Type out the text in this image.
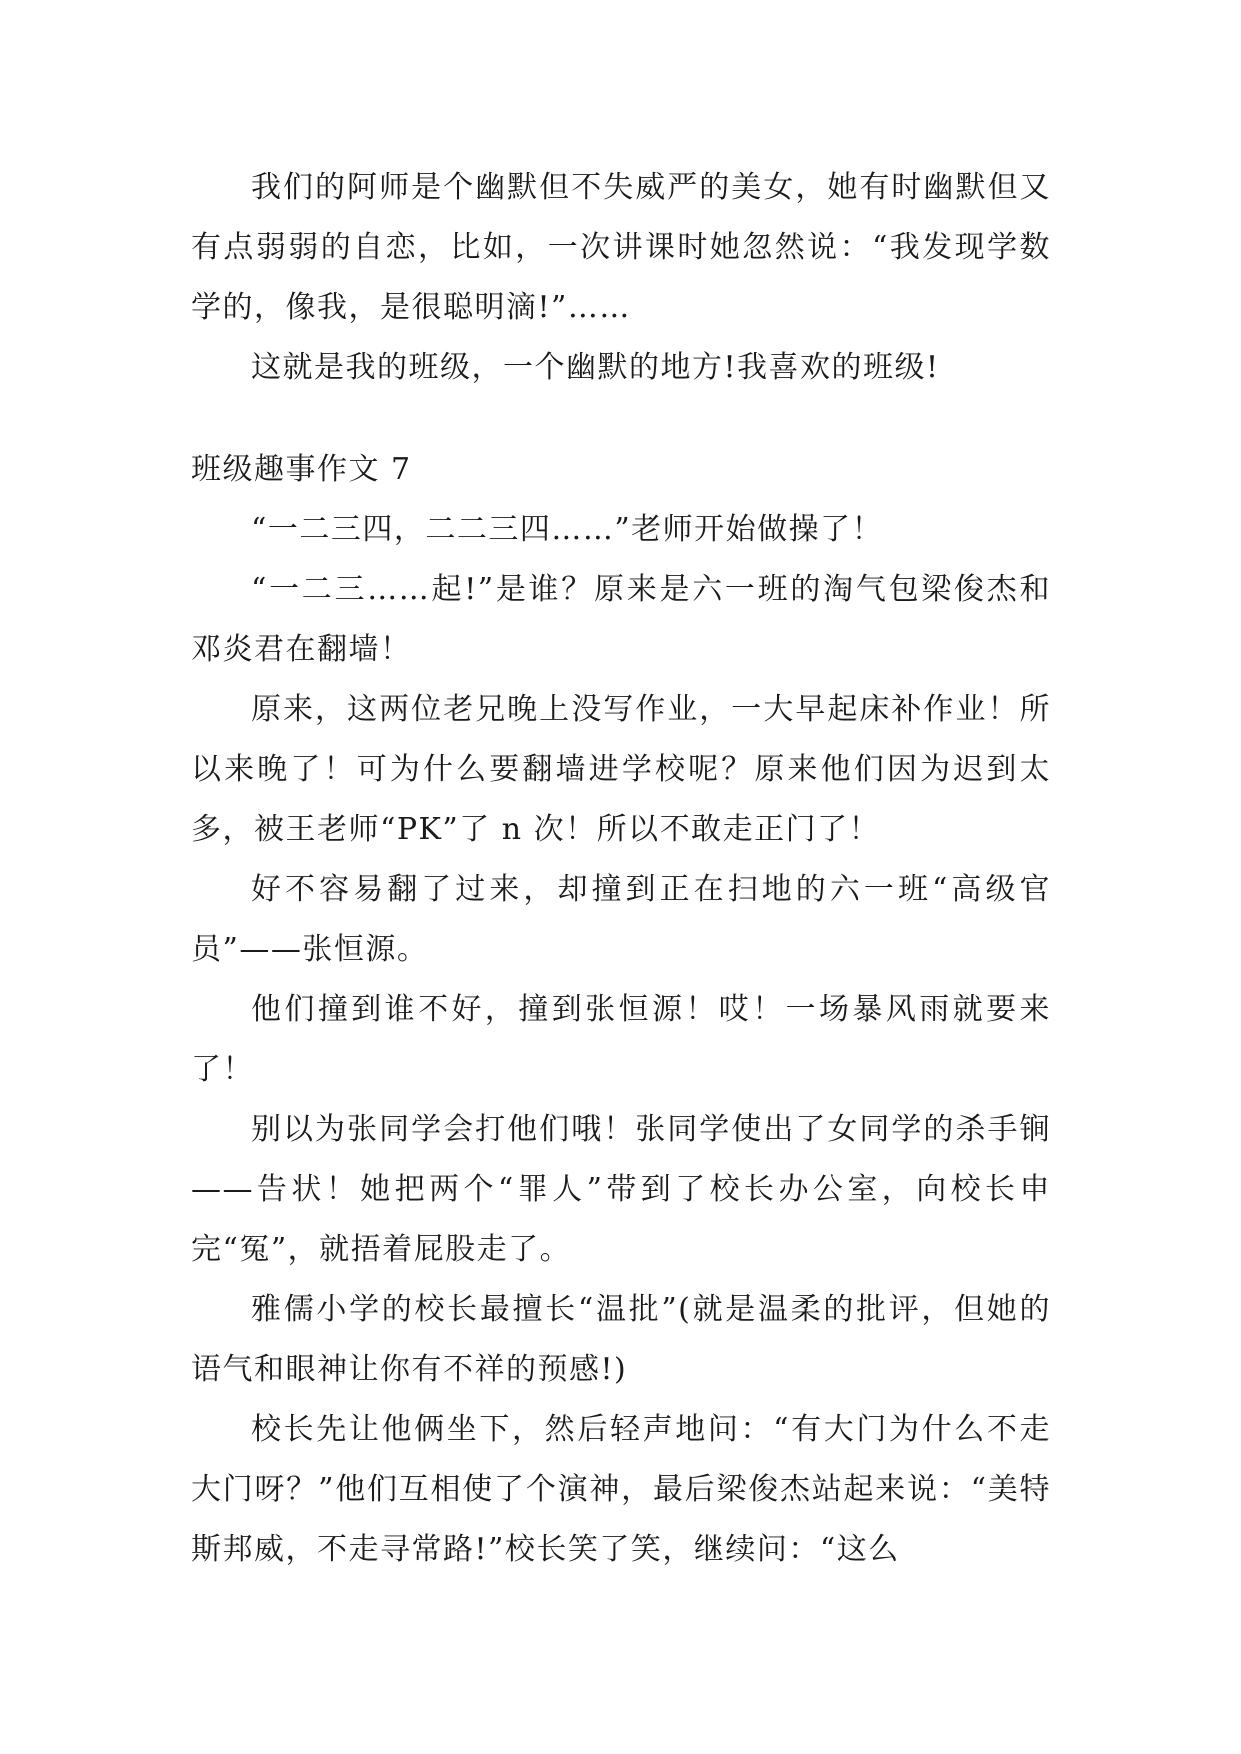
我们的阿师是个幽默但不失威严的美女，她有时幽默但又有点弱弱的自恋，比如，一次讲课时她忽然说：“我发现学数学的，像我，是很聪明滴!”……

这就是我的班级，一个幽默的地方!我喜欢的班级!

班级趣事作文 7

“一二三四，二二三四……”老师开始做操了！

“一二三……起!”是谁？原来是六一班的淘气包梁俊杰和邓炎君在翻墙！

原来，这两位老兄晚上没写作业，一大早起床补作业！所以来晚了！可为什么要翻墙进学校呢？原来他们因为迟到太多，被王老师“PK”了 n 次！所以不敢走正门了！

好不容易翻了过来，却撞到正在扫地的六一班“高级官员”——张恒源。

他们撞到谁不好，撞到张恒源！哎！一场暴风雨就要来了！

别以为张同学会打他们哦！张同学使出了女同学的杀手锏——告状！她把两个“罪人”带到了校长办公室，向校长申完“冤”，就捂着屁股走了。

雅儒小学的校长最擅长“温批”(就是温柔的批评，但她的语气和眼神让你有不祥的预感!)

校长先让他俩坐下，然后轻声地问：“有大门为什么不走大门呀？”他们互相使了个演神，最后梁俊杰站起来说：“美特斯邦威，不走寻常路!”校长笑了笑，继续问：“这么
